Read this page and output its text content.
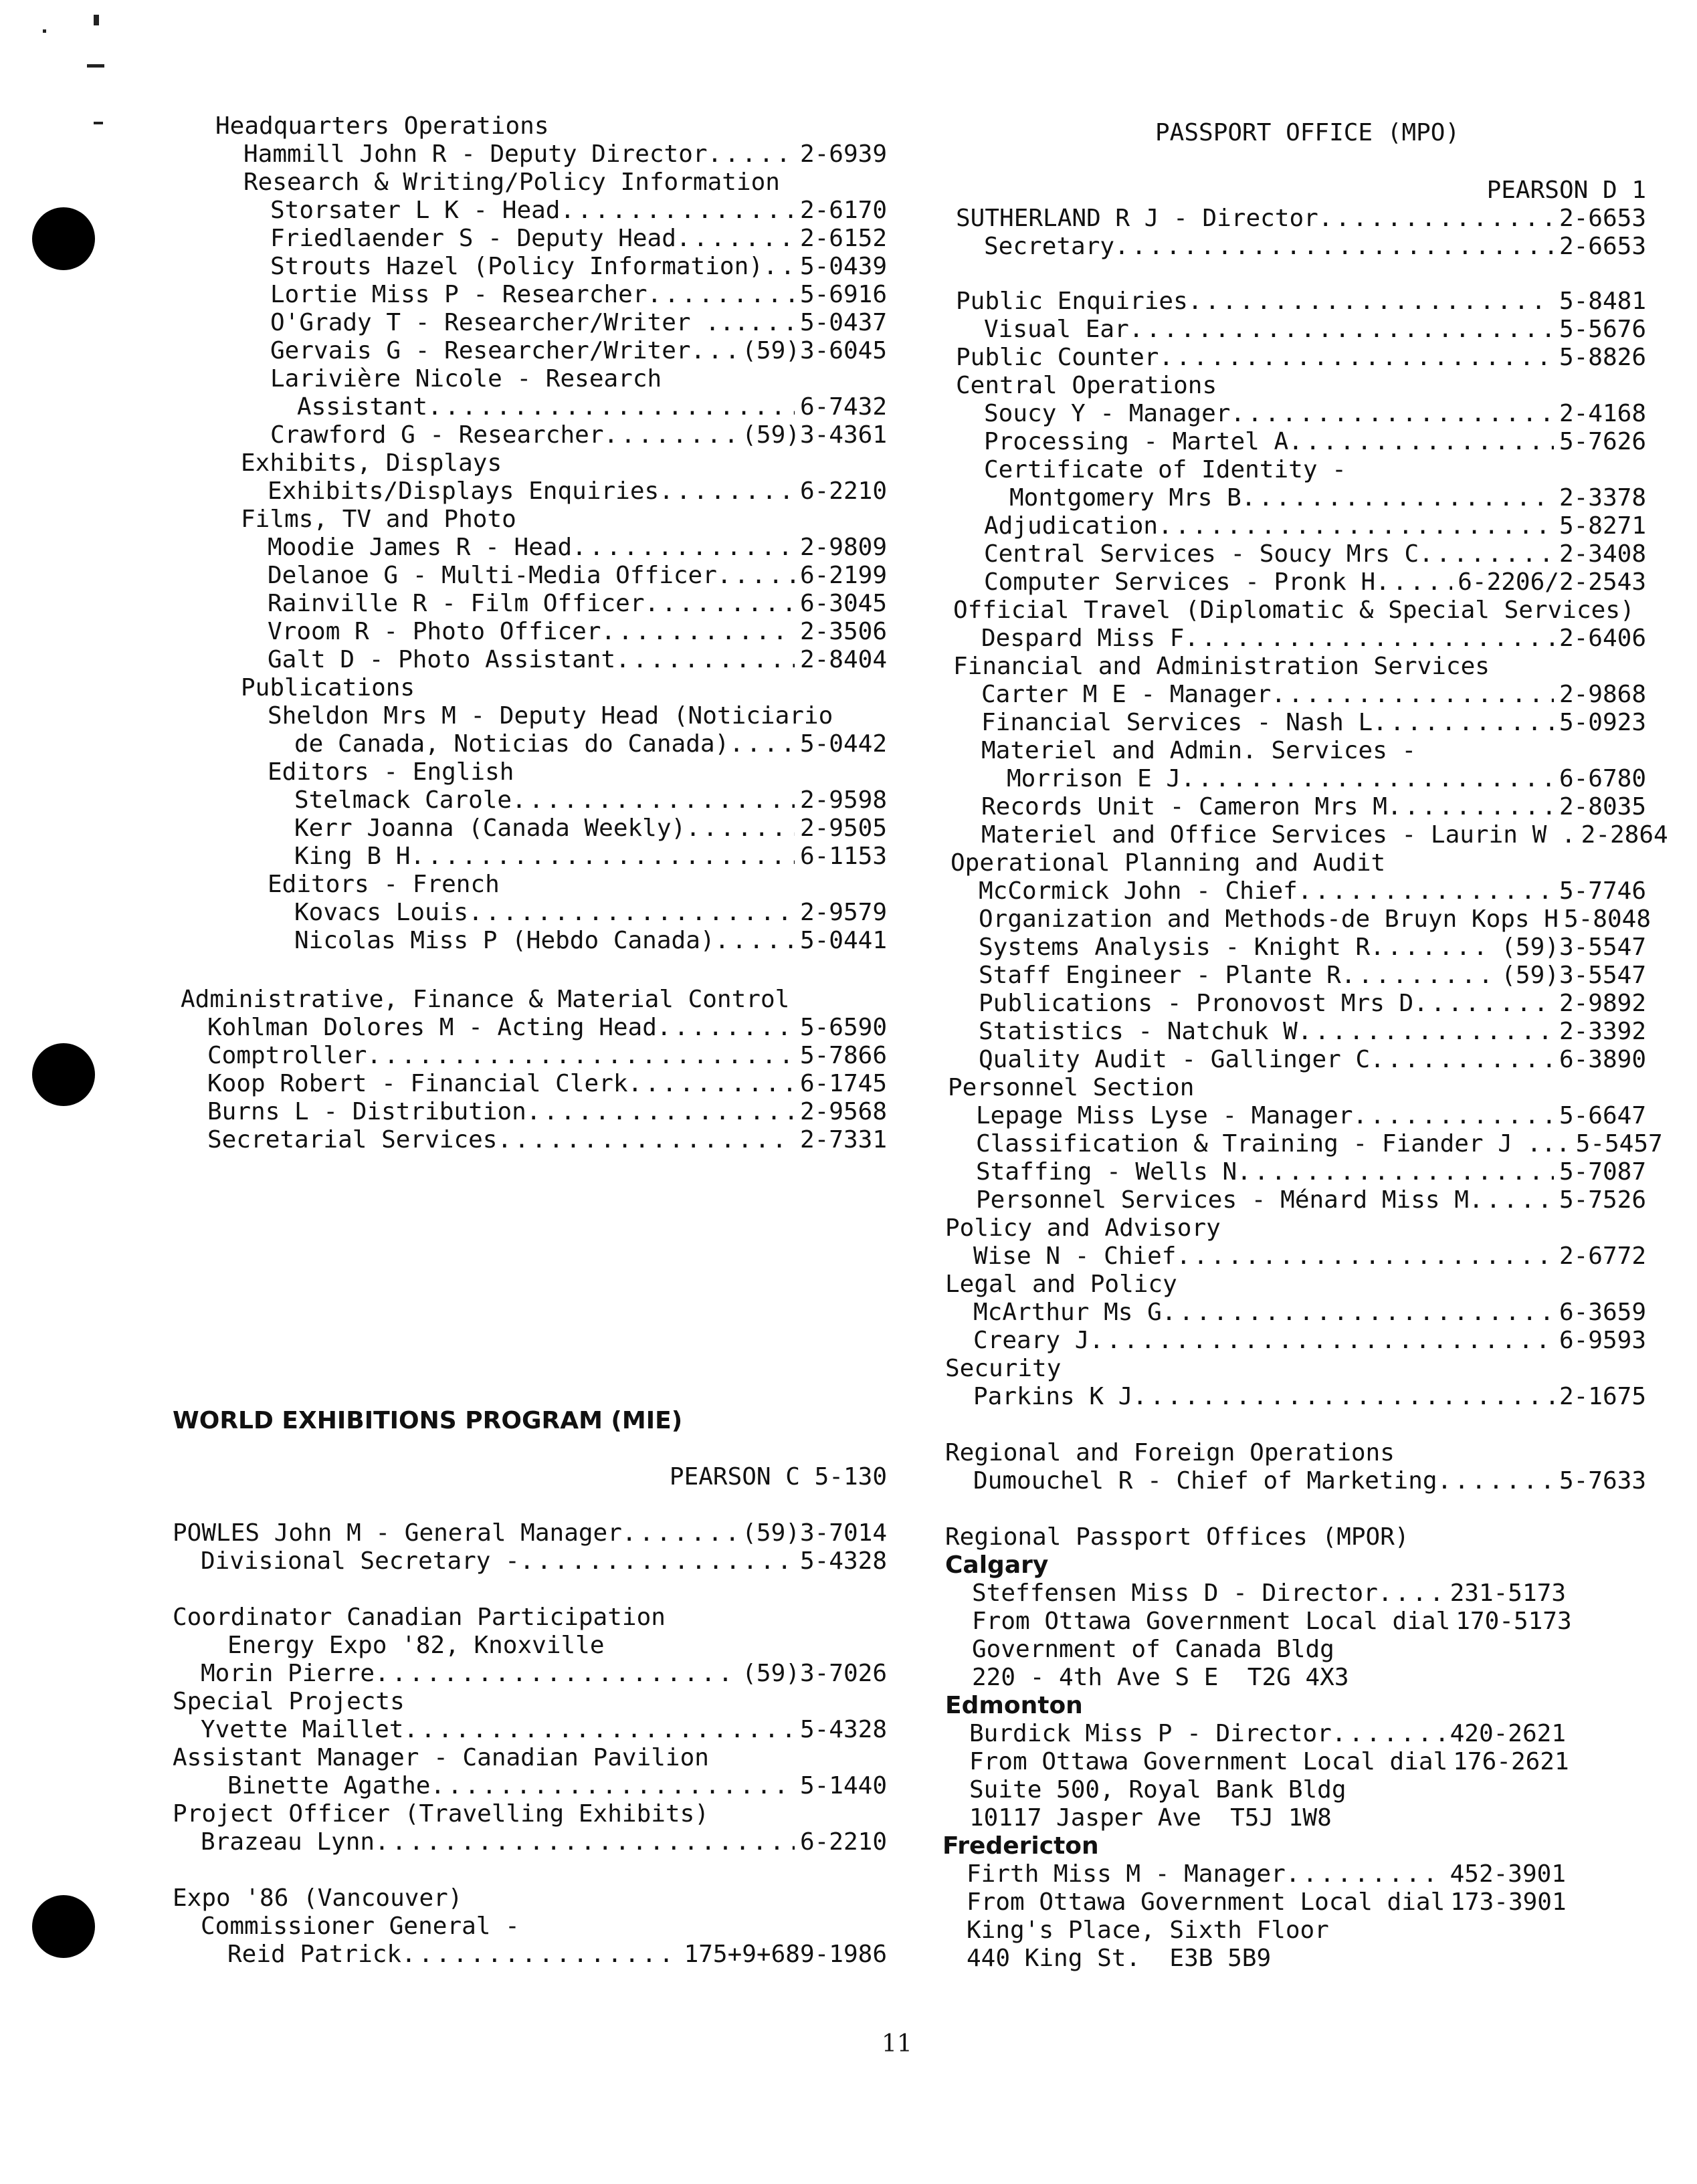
Headquarters Operations
Hammill John R - Deputy Director .....	2-6939
Research & Writing/Policy Information
Storsater L K - Head .....	2-6170
Friedlaender S - Deputy Head .....	2-6152
Strouts Hazel (Policy Information) ..... 5-0439
Lortie Miss P - Researcher .....	5-6916
O'Grady T - Researcher/Writer ... ..... 5-0437
Gervais G - Researcher/Writer ..... (59)3-6045
Larivière Nicole - Research
Assistant .....	6-7432
Crawford G - Researcher .....	(59)3-4361
Exhibits, Displays
Exhibits/Displays Enquiries .....	6-2210
Films, TV and Photo
Moodie James R - Head .....	2-9809
Delanoe G - Multi-Media Officer .....	6-2199
Rainville R - Film Officer .....	6-3045
Vroom R - Photo Officer .....	2-3506
Galt D - Photo Assistant .....	2-8404
Publications
Sheldon Mrs M - Deputy Head (Noticiario
de Canada, Noticias do Canada) .....	5-0442
Editors - English
Stelmack Carole .....	2-9598
Kerr Joanna (Canada Weekly) .....	2-9505
King B H .....	6-1153
Editors - French
Kovacs Louis .....	2-9579
Nicolas Miss P (Hebdo Canada) .....	5-0441
Administrative, Finance & Material Control
Kohlman Dolores M - Acting Head .....	5-6590
Comptroller .....	5-7866
Koop Robert - Financial Clerk .....	6-1745
Burns L - Distribution .....	2-9568
Secretarial Services .....	2-7331
WORLD EXHIBITIONS PROGRAM (MIE)
PEARSON C 5-130
POWLES John M - General Manager .....	(59)3-7014
Divisional Secretary - .....	5-4328
Coordinator Canadian Participation
Energy Expo '82, Knoxville
Morin Pierre .....	(59)3-7026
Special Projects
Yvette Maillet .....	5-4328
Assistant Manager - Canadian Pavilion
Binette Agathe .....	5-1440
Project Officer (Travelling Exhibits)
Brazeau Lynn .....	6-2210
Expo '86 (Vancouver)
Commissioner General -
Reid Patrick .....	175+9+689-1986
PASSPORT OFFICE (MPO)
PEARSON D 1
SUTHERLAND R J - Director .....	2-6653
Secretary .....	2-6653
Public Enquiries .....	5-8481
Visual Ear .....	5-5676
Public Counter .....	5-8826
Central Operations
Soucy Y - Manager .....	2-4168
Processing - Martel A .....	5-7626
Certificate of Identity -
Montgomery Mrs B .....	2-3378
Adjudication .....	5-8271
Central Services - Soucy Mrs C .....	2-3408
Computer Services - Pronk H .....	6-2206/2-2543
Official Travel (Diplomatic & Special Services)
Despard Miss F .....	2-6406
Financial and Administration Services
Carter M E - Manager .....	2-9868
Financial Services - Nash L .....	5-0923
Materiel and Admin. Services -
Morrison E J .....	6-6780
Records Unit - Cameron Mrs M .....	2-8035
Materiel and Office Services - Laurin W . 2-2864
Operational Planning and Audit
McCormick John - Chief .....	5-7746
Organization and Methods-de Bruyn Kops H 5-8048
Systems Analysis - Knight R .....	(59)3-5547
Staff Engineer - Plante R .....	(59)3-5547
Publications - Pronovost Mrs D .....	2-9892
Statistics - Natchuk W .....	2-3392
Quality Audit - Gallinger C .....	6-3890
Personnel Section
Lepage Miss Lyse - Manager .....	5-6647
Classification & Training - Fiander J ... 5-5457
Staffing - Wells N .....	5-7087
Personnel Services - Ménard Miss M .....	5-7526
Policy and Advisory
Wise N - Chief .....	2-6772
Legal and Policy
McArthur Ms G .....	6-3659
Creary J .....	6-9593
Security
Parkins K J .....	2-1675
Regional and Foreign Operations
Dumouchel R - Chief of Marketing .....	5-7633
Regional Passport Offices (MPOR)
Calgary
Steffensen Miss D - Director .....	231-5173
From Ottawa Government Local dial 170-5173
Government of Canada Bldg
220 - 4th Ave S E  T2G 4X3
Edmonton
Burdick Miss P - Director .....	420-2621
From Ottawa Government Local dial 176-2621
Suite 500, Royal Bank Bldg
10117 Jasper Ave  T5J 1W8
Fredericton
Firth Miss M - Manager .....	452-3901
From Ottawa Government Local dial 173-3901
King's Place, Sixth Floor
440 King St.  E3B 5B9
11
